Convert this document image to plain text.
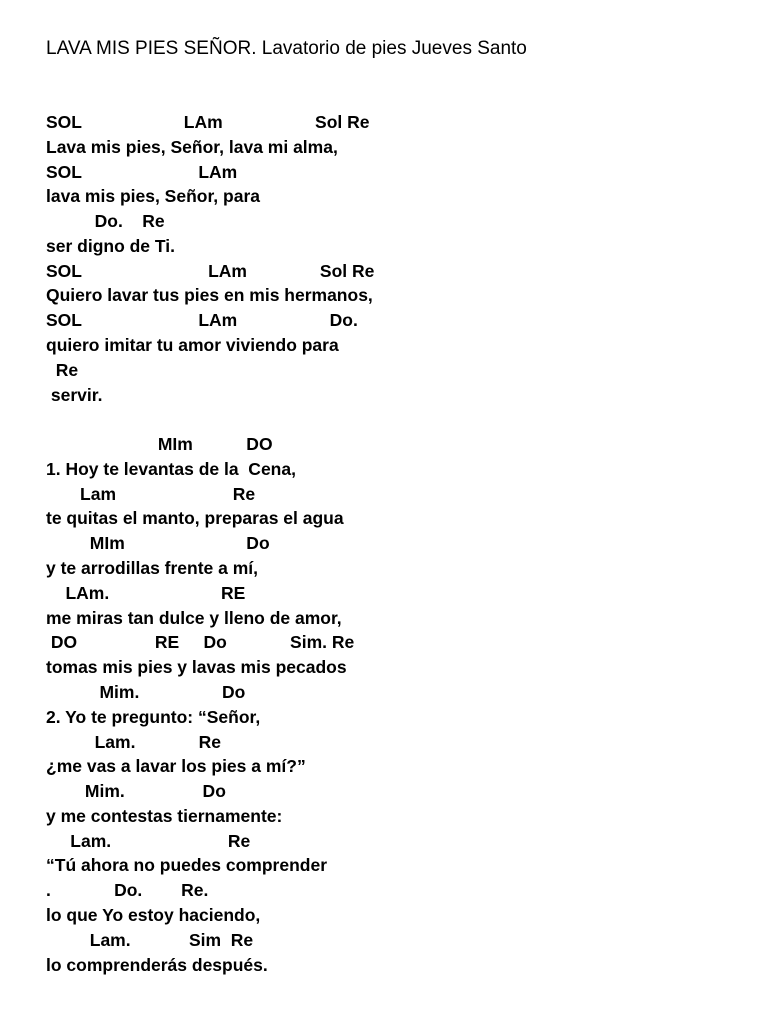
LAVA MIS PIES SEÑOR. Lavatorio de pies Jueves Santo
SOL                     LAm                   Sol Re
Lava mis pies, Señor, lava mi alma,
SOL                        LAm
lava mis pies, Señor, para
Do.    Re
ser digno de Ti.
SOL                          LAm               Sol Re
Quiero lavar tus pies en mis hermanos,
SOL                        LAm                   Do.
quiero imitar tu amor viviendo para
Re
servir.
MIm           DO
1. Hoy te levantas de la  Cena,
Lam                        Re
te quitas el manto, preparas el agua
MIm                         Do
y te arrodillas frente a mí,
LAm.                       RE
me miras tan dulce y lleno de amor,
DO                RE     Do             Sim. Re
tomas mis pies y lavas mis pecados
Mim.                 Do
2. Yo te pregunto: “Señor,
Lam.             Re
¿me vas a lavar los pies a mí?”
Mim.                Do
y me contestas tiernamente:
Lam.                        Re
“Tú ahora no puedes comprender
.             Do.        Re.
lo que Yo estoy haciendo,
Lam.            Sim  Re
lo comprenderás después.
